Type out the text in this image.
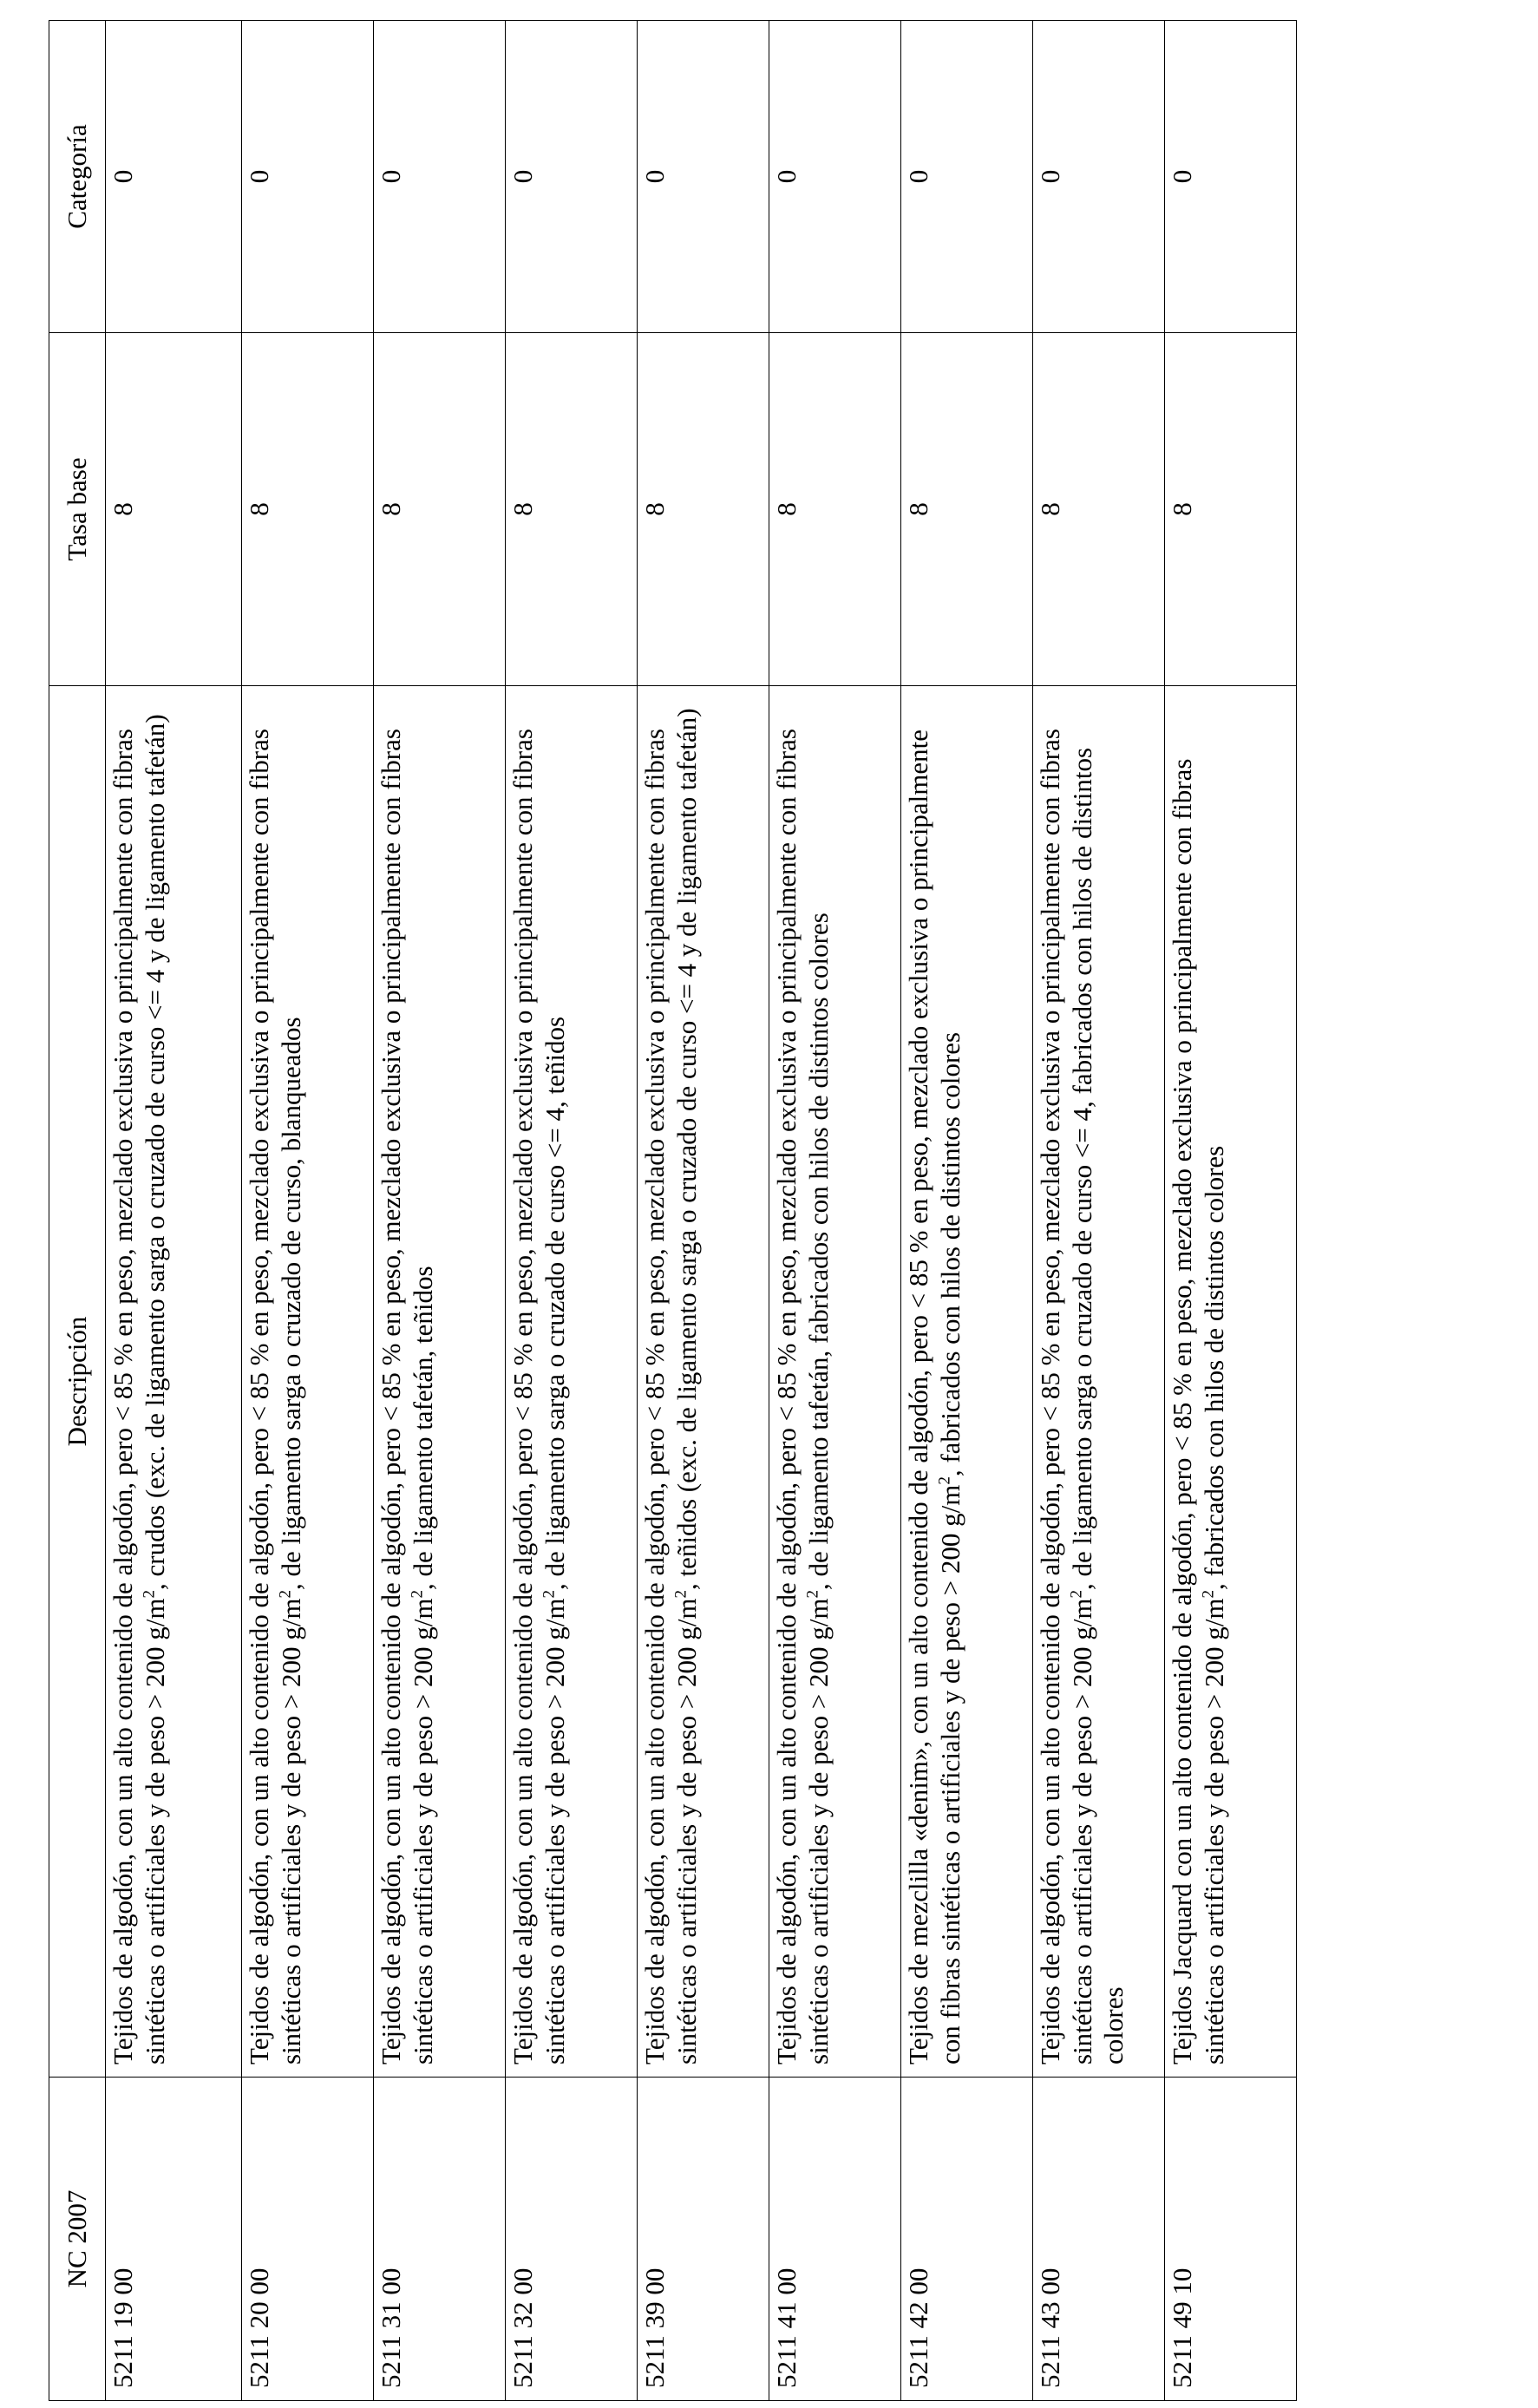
NC 2007	Descripción	Tasa base	Categoría
5211 19 00	Tejidos de algodón, con un alto contenido de algodón, pero < 85 % en peso, mezclado exclusiva o principalmente con fibras sintéticas o artificiales y de peso > 200 $g/m^2$, crudos (exc. de ligamento sarga o cruzado de curso <= 4 y de ligamento tafetán)	8	0
5211 20 00	Tejidos de algodón, con un alto contenido de algodón, pero < 85 % en peso, mezclado exclusiva o principalmente con fibras sintéticas o artificiales y de peso > 200 $g/m^2$, de ligamento sarga o cruzado de curso, blanqueados	8	0
5211 31 00	Tejidos de algodón, con un alto contenido de algodón, pero < 85 % en peso, mezclado exclusiva o principalmente con fibras sintéticas o artificiales y de peso > 200 $g/m^2$, de ligamento tafetán, teñidos	8	0
5211 32 00	Tejidos de algodón, con un alto contenido de algodón, pero < 85 % en peso, mezclado exclusiva o principalmente con fibras sintéticas o artificiales y de peso > 200 $g/m^2$, de ligamento sarga o cruzado de curso <= 4, teñidos	8	0
5211 39 00	Tejidos de algodón, con un alto contenido de algodón, pero < 85 % en peso, mezclado exclusiva o principalmente con fibras sintéticas o artificiales y de peso > 200 $g/m^2$, teñidos (exc. de ligamento sarga o cruzado de curso <= 4 y de ligamento tafetán)	8	0
5211 41 00	Tejidos de algodón, con un alto contenido de algodón, pero < 85 % en peso, mezclado exclusiva o principalmente con fibras sintéticas o artificiales y de peso > 200 $g/m^2$, de ligamento tafetán, fabricados con hilos de distintos colores	8	0
5211 42 00	Tejidos de mezclilla «denim», con un alto contenido de algodón, pero < 85 % en peso, mezclado exclusiva o principalmente con fibras sintéticas o artificiales y de peso > 200 $g/m^2$, fabricados con hilos de distintos colores	8	0
5211 43 00	Tejidos de algodón, con un alto contenido de algodón, pero < 85 % en peso, mezclado exclusiva o principalmente con fibras sintéticas o artificiales y de peso > 200 $g/m^2$, de ligamento sarga o cruzado de curso <= 4, fabricados con hilos de distintos colores	8	0
5211 49 10	Tejidos Jacquard con un alto contenido de algodón, pero < 85 % en peso, mezclado exclusiva o principalmente con fibras sintéticas o artificiales y de peso > 200 $g/m^2$, fabricados con hilos de distintos colores	8	0
